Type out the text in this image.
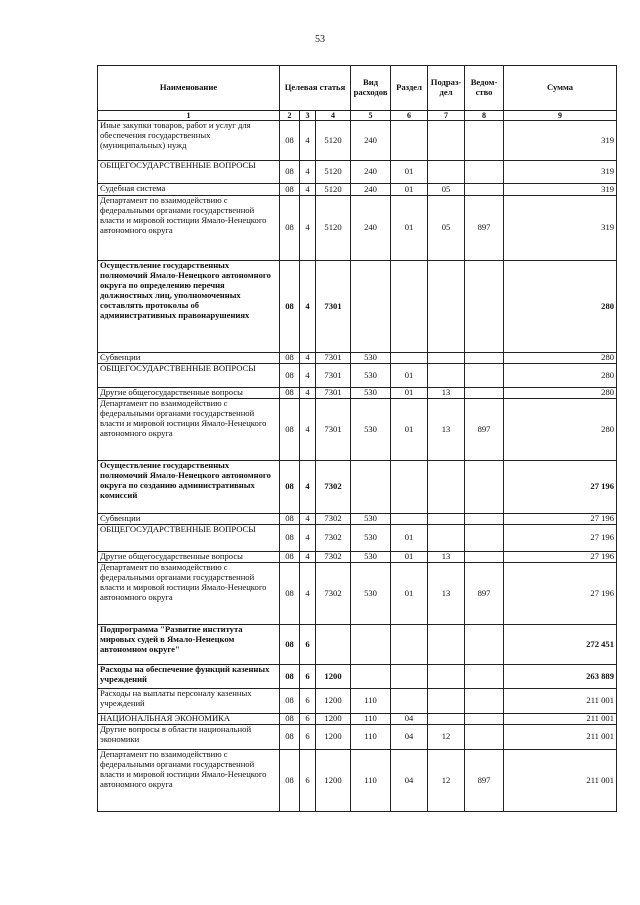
53
Наименование	Целевая статья			Вид расходов	Раздел	Подраз-дел	Ведом-ство	Сумма
1	2	3	4	5	6	7	8	9
Иные закупки товаров, работ и услуг для обеспечения государственных (муниципальных) нужд	08	4	5120	240				319
ОБЩЕГОСУДАРСТВЕННЫЕ ВОПРОСЫ	08	4	5120	240	01			319
Судебная система	08	4	5120	240	01	05		319
Департамент по взаимодействию с федеральными органами государственной власти и мировой юстиции Ямало-Ненецкого автономного округа	08	4	5120	240	01	05	897	319
Осуществление государственных полномочий Ямало-Ненецкого автономного округа по определению перечня должностных лиц, уполномоченных составлять протоколы об административных правонарушениях	08	4	7301					280
Субвенции	08	4	7301	530				280
ОБЩЕГОСУДАРСТВЕННЫЕ ВОПРОСЫ	08	4	7301	530	01			280
Другие общегосударственные вопросы	08	4	7301	530	01	13		280
Департамент по взаимодействию с федеральными органами государственной власти и мировой юстиции Ямало-Ненецкого автономного округа	08	4	7301	530	01	13	897	280
Осуществление государственных полномочий Ямало-Ненецкого автономного округа по созданию административных комиссий	08	4	7302					27 196
Субвенции	08	4	7302	530				27 196
ОБЩЕГОСУДАРСТВЕННЫЕ ВОПРОСЫ	08	4	7302	530	01			27 196
Другие общегосударственные вопросы	08	4	7302	530	01	13		27 196
Департамент по взаимодействию с федеральными органами государственной власти и мировой юстиции Ямало-Ненецкого автономного округа	08	4	7302	530	01	13	897	27 196
Подпрограмма "Развитие института мировых судей в Ямало-Ненецком автономном округе"	08	6						272 451
Расходы на обеспечение функций казенных учреждений	08	6	1200					263 889
Расходы на выплаты персоналу казенных учреждений	08	6	1200	110				211 001
НАЦИОНАЛЬНАЯ ЭКОНОМИКА	08	6	1200	110	04			211 001
Другие вопросы в области национальной экономики	08	6	1200	110	04	12		211 001
Департамент по взаимодействию с федеральными органами государственной власти и мировой юстиции Ямало-Ненецкого автономного округа	08	6	1200	110	04	12	897	211 001
